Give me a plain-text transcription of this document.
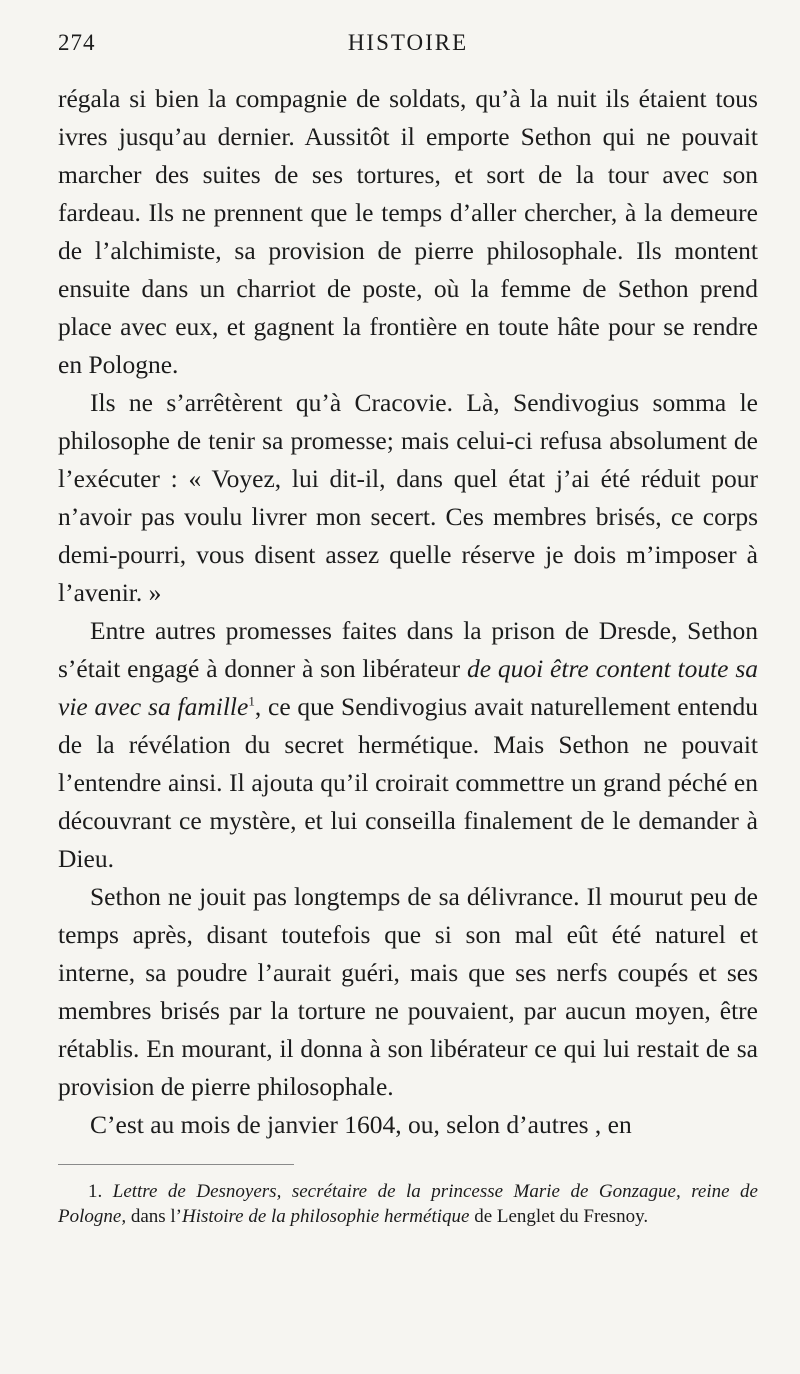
274	HISTOIRE

régala si bien la compagnie de soldats, qu’à la nuit ils étaient tous ivres jusqu’au dernier. Aussitôt il emporte Sethon qui ne pouvait marcher des suites de ses tortures, et sort de la tour avec son fardeau. Ils ne prennent que le temps d’aller chercher, à la demeure de l’alchimiste, sa provision de pierre philosophale. Ils montent ensuite dans un charriot de poste, où la femme de Sethon prend place avec eux, et gagnent la frontière en toute hâte pour se rendre en Pologne.

Ils ne s’arrêtèrent qu’à Cracovie. Là, Sendivogius somma le philosophe de tenir sa promesse; mais celui-ci refusa absolument de l’exécuter : « Voyez, lui dit-il, dans quel état j’ai été réduit pour n’avoir pas voulu livrer mon secert. Ces membres brisés, ce corps demi-pourri, vous disent assez quelle réserve je dois m’imposer à l’avenir. »

Entre autres promesses faites dans la prison de Dresde, Sethon s’était engagé à donner à son libérateur de quoi être content toute sa vie avec sa famille$^1$, ce que Sendivogius avait naturellement entendu de la révélation du secret hermétique. Mais Sethon ne pouvait l’entendre ainsi. Il ajouta qu’il croirait commettre un grand péché en découvrant ce mystère, et lui conseilla finalement de le demander à Dieu.

Sethon ne jouit pas longtemps de sa délivrance. Il mourut peu de temps après, disant toutefois que si son mal eût été naturel et interne, sa poudre l’aurait guéri, mais que ses nerfs coupés et ses membres brisés par la torture ne pouvaient, par aucun moyen, être rétablis. En mourant, il donna à son libérateur ce qui lui restait de sa provision de pierre philosophale.

C’est au mois de janvier 1604, ou, selon d’autres , en

1. Lettre de Desnoyers, secrétaire de la princesse Marie de Gonzague, reine de Pologne, dans l’Histoire de la philosophie hermétique de Lenglet du Fresnoy.
